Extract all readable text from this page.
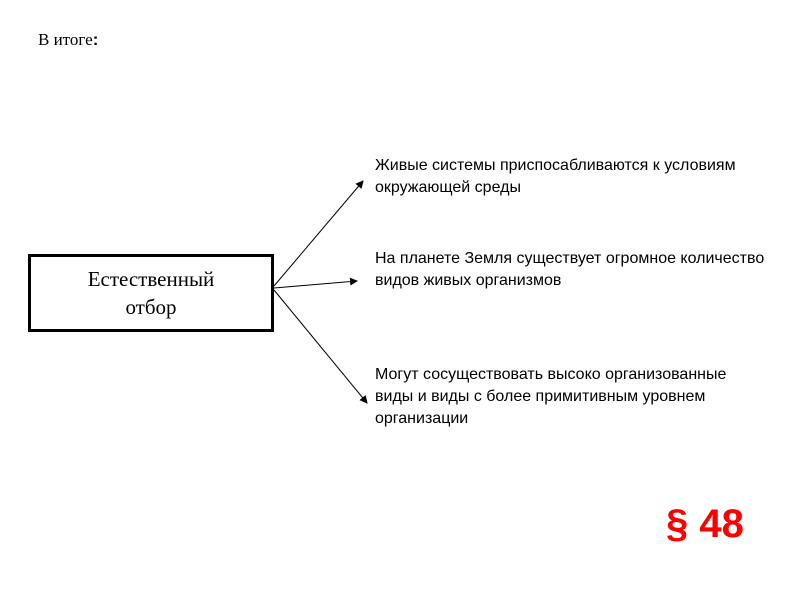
В итоге:
Естественный отбор
Живые системы приспосабливаются к условиям окружающей среды
На планете Земля существует огромное количество видов живых организмов
Могут сосуществовать высоко организованные виды и виды с более примитивным уровнем организации
§ 48
